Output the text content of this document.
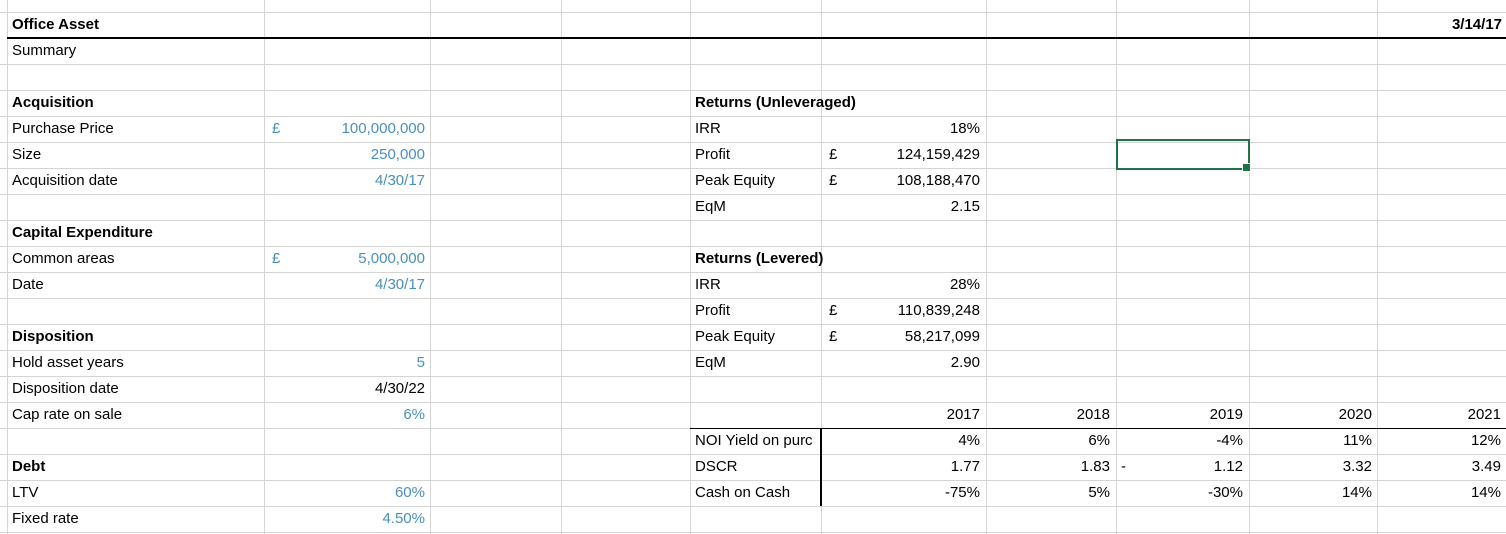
Office Asset
Summary
3/14/17
Acquisition
Purchase Price	£	100,000,000
Size	250,000
Acquisition date	4/30/17
Capital Expenditure
Common areas	£	5,000,000
Date	4/30/17
Disposition
Hold asset years	5
Disposition date	4/30/22
Cap rate on sale	6%
Debt
LTV	60%
Fixed rate	4.50%
Returns (Unleveraged)
IRR	18%
Profit	£	124,159,429
Peak Equity	£	108,188,470
EqM	2.15
Returns (Levered)
IRR	28%
Profit	£	110,839,248
Peak Equity	£	58,217,099
EqM	2.90
2017	2018	2019	2020	2021
NOI Yield on purc	4%	6%	-4%	11%	12%
DSCR	1.77	1.83 -	1.12	3.32	3.49
Cash on Cash	-75%	5%	-30%	14%	14%
